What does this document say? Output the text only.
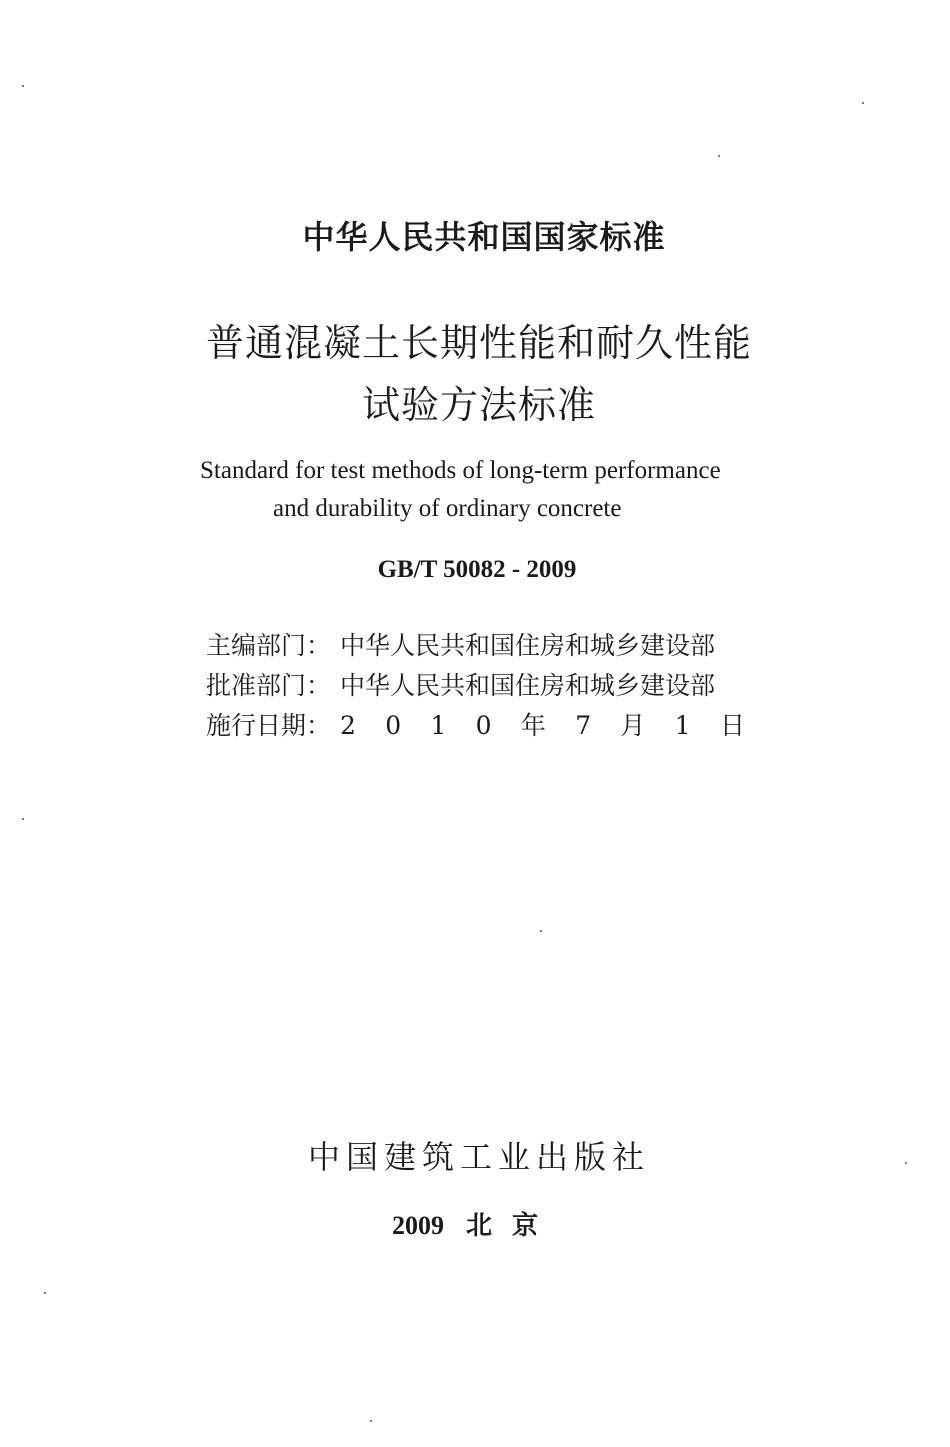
中华人民共和国国家标准
普通混凝土长期性能和耐久性能
试验方法标准
Standard for test methods of long-term performance
and durability of ordinary concrete
GB/T 50082 - 2009
主编部门： 中华人民共和国住房和城乡建设部
批准部门： 中华人民共和国住房和城乡建设部
施行日期： 2 0 1 0 年 7 月 1 日
中国建筑工业出版社
2009 北京
